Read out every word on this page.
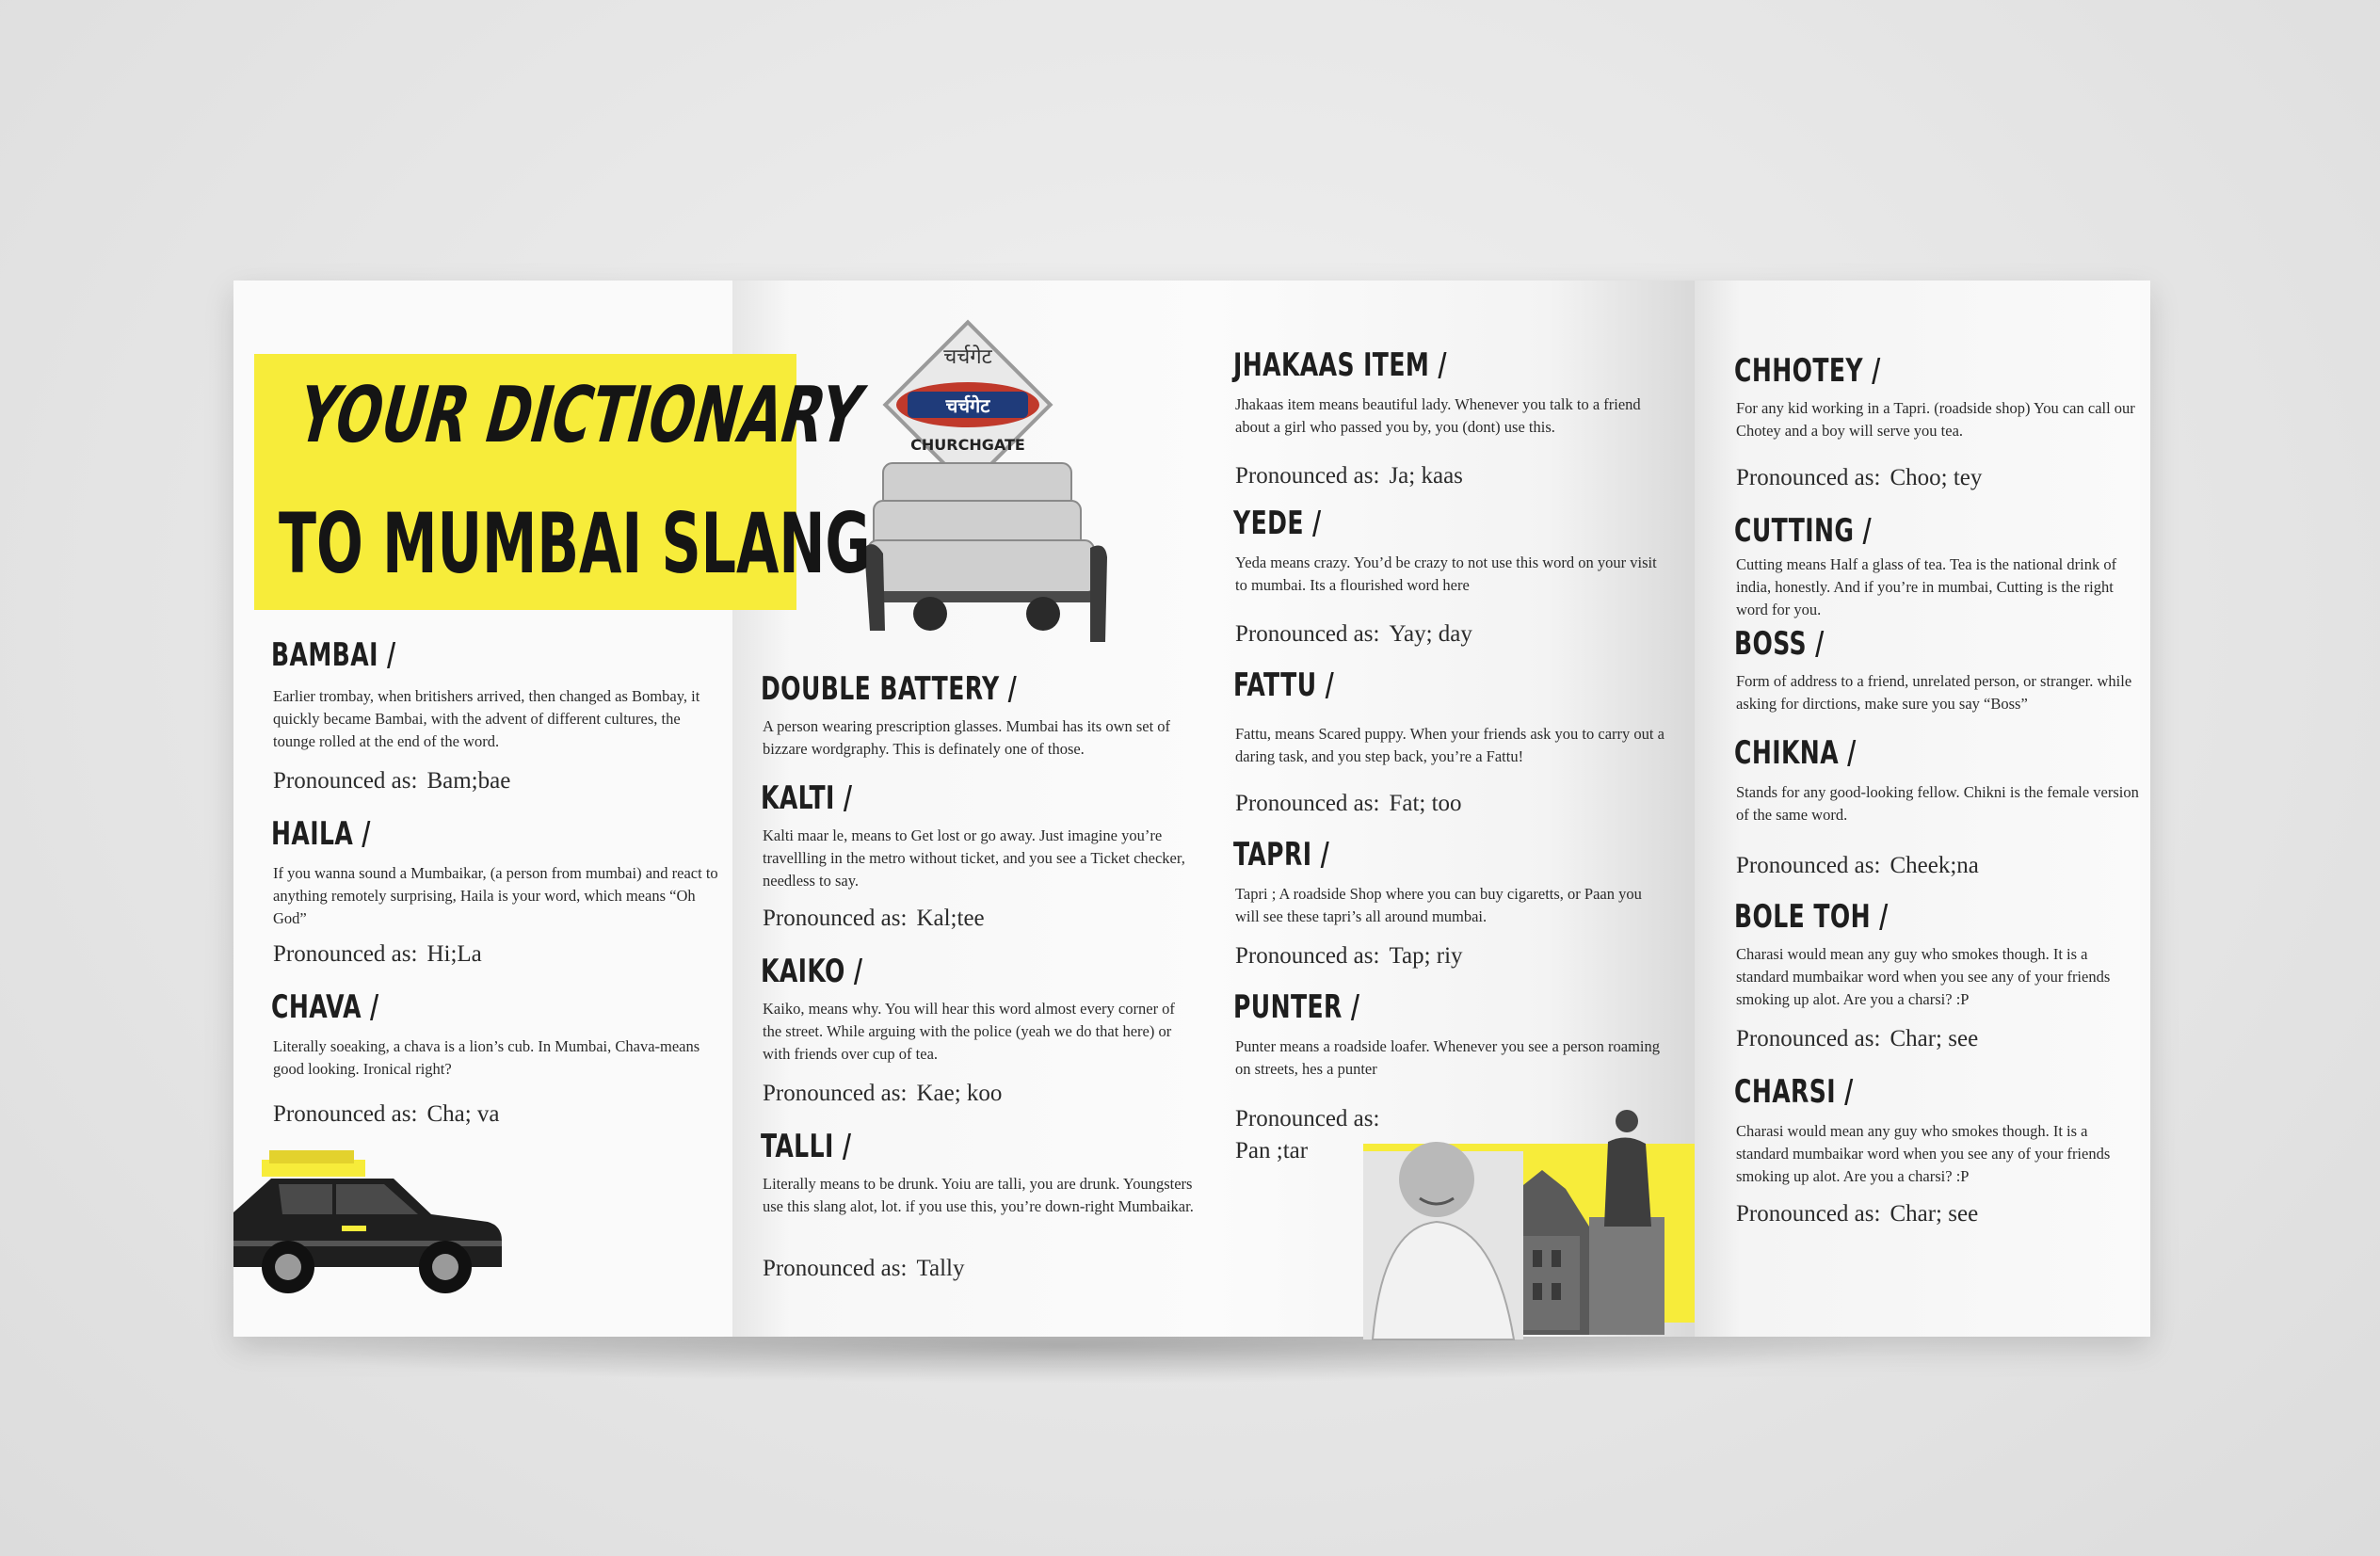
YOUR DICTIONARY
TO MUMBAI SLANG
BAMBAI /

Earlier trombay, when britishers arrived, then changed as Bombay, it quickly became Bambai, with the advent of different cultures, the tounge rolled at the end of the word.

Pronounced as: Bam;bae

HAILA /

If you wanna sound a Mumbaikar, (a person from mumbai) and react to anything remotely surprising, Haila is your word, which means “Oh God”

Pronounced as: Hi;La

CHAVA /

Literally soeaking, a chava is a lion’s cub. In Mumbai, Chava-means good looking. Ironical right?

Pronounced as: Cha; va

चर्चगेट
चर्चगेट
CHURCHGATE
DOUBLE BATTERY /

A person wearing prescription glasses. Mumbai has its own set of bizzare wordgraphy. This is definately one of those.

KALTI /

Kalti maar le, means to Get lost or go away. Just imagine you’re travellling in the metro without ticket, and you see a Ticket checker, needless to say.

Pronounced as: Kal;tee

KAIKO /

Kaiko, means why. You will hear this word almost every corner of the street. While arguing with the police (yeah we do that here) or with friends over cup of tea.

Pronounced as: Kae; koo

TALLI /

Literally means to be drunk. Yoiu are talli, you are drunk. Youngsters use this slang alot, lot. if you use this, you’re down-right Mumbaikar.

Pronounced as: Tally

JHAKAAS ITEM /

Jhakaas item means beautiful lady. Whenever you talk to a friend about a girl who passed you by, you (dont) use this.

Pronounced as: Ja; kaas

YEDE /

Yeda means crazy. You’d be crazy to not use this word on your visit to mumbai. Its a flourished word here

Pronounced as: Yay; day

FATTU /

Fattu, means Scared puppy. When your friends ask you to carry out a daring task, and you step back, you’re a Fattu!

Pronounced as: Fat; too

TAPRI /

Tapri ; A roadside Shop where you can buy cigaretts, or Paan you will see these tapri’s all around mumbai.

Pronounced as: Tap; riy

PUNTER /

Punter means a roadside loafer. Whenever you see a person roaming on streets, hes a punter

Pronounced as:
Pan ;tar

CHHOTEY /

For any kid working in a Tapri. (roadside shop) You can call our Chotey and a boy will serve you tea.

Pronounced as: Choo; tey

CUTTING /

Cutting means Half a glass of tea. Tea is the national drink of india, honestly. And if you’re in mumbai, Cutting is the right word for you.

BOSS /

Form of address to a friend, unrelated person, or stranger. while asking for dirctions, make sure you say “Boss”

CHIKNA /

Stands for any good-looking fellow. Chikni is the female version of the same word.

Pronounced as: Cheek;na

BOLE TOH /

Charasi would mean any guy who smokes though. It is a standard mumbaikar word when you see any of your friends smoking up alot. Are you a charsi? :P

Pronounced as: Char; see

CHARSI /

Charasi would mean any guy who smokes though. It is a standard mumbaikar word when you see any of your friends smoking up alot. Are you a charsi? :P

Pronounced as: Char; see
